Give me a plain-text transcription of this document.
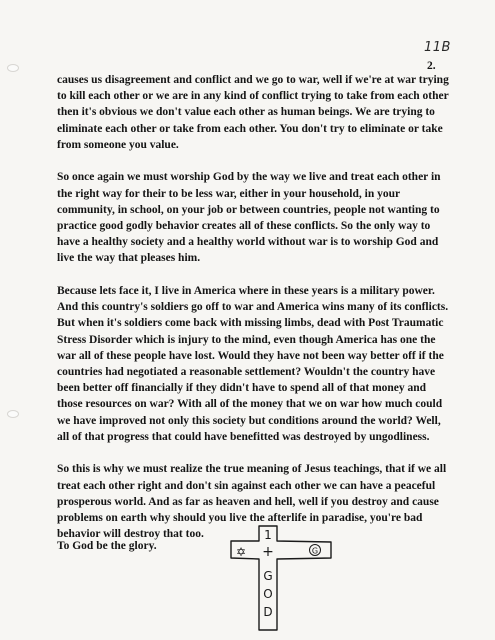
11B
2.

causes us disagreement and conflict and we go to war, well if we're at war trying to kill each other or we are in any kind of conflict trying to take from each other then it's obvious we don't value each other as human beings. We are trying to eliminate each other or take from each other. You don't try to eliminate or take from someone you value.

So once again we must worship God by the way we live and treat each other in the right way for their to be less war, either in your household, in your community, in school, on your job or between countries, people not wanting to practice good godly behavior creates all of these conflicts. So the only way to have a healthy society and a healthy world without war is to worship God and live the way that pleases him.

Because lets face it, I live in America where in these years is a military power. And this country's soldiers go off to war and America wins many of its conflicts. But when it's soldiers come back with missing limbs, dead with Post Traumatic Stress Disorder which is injury to the mind, even though America has one the war all of these people have lost. Would they have not been way better off if the countries had negotiated a reasonable settlement? Wouldn't the country have been better off financially if they didn't have to spend all of that money and those resources on war? With all of the money that we on war how much could we have improved not only this society but conditions around the world? Well, all of that progress that could have benefitted was destroyed by ungodliness.

So this is why we must realize the true meaning of Jesus teachings, that if we all treat each other right and don't sin against each other we can have a peaceful prosperous world. And as far as heaven and hell, well if you destroy and cause problems on earth why should you live the afterlife in paradise, you're bad behavior will destroy that too.

To God be the glory.
1
+
✡	G
G
O
D
